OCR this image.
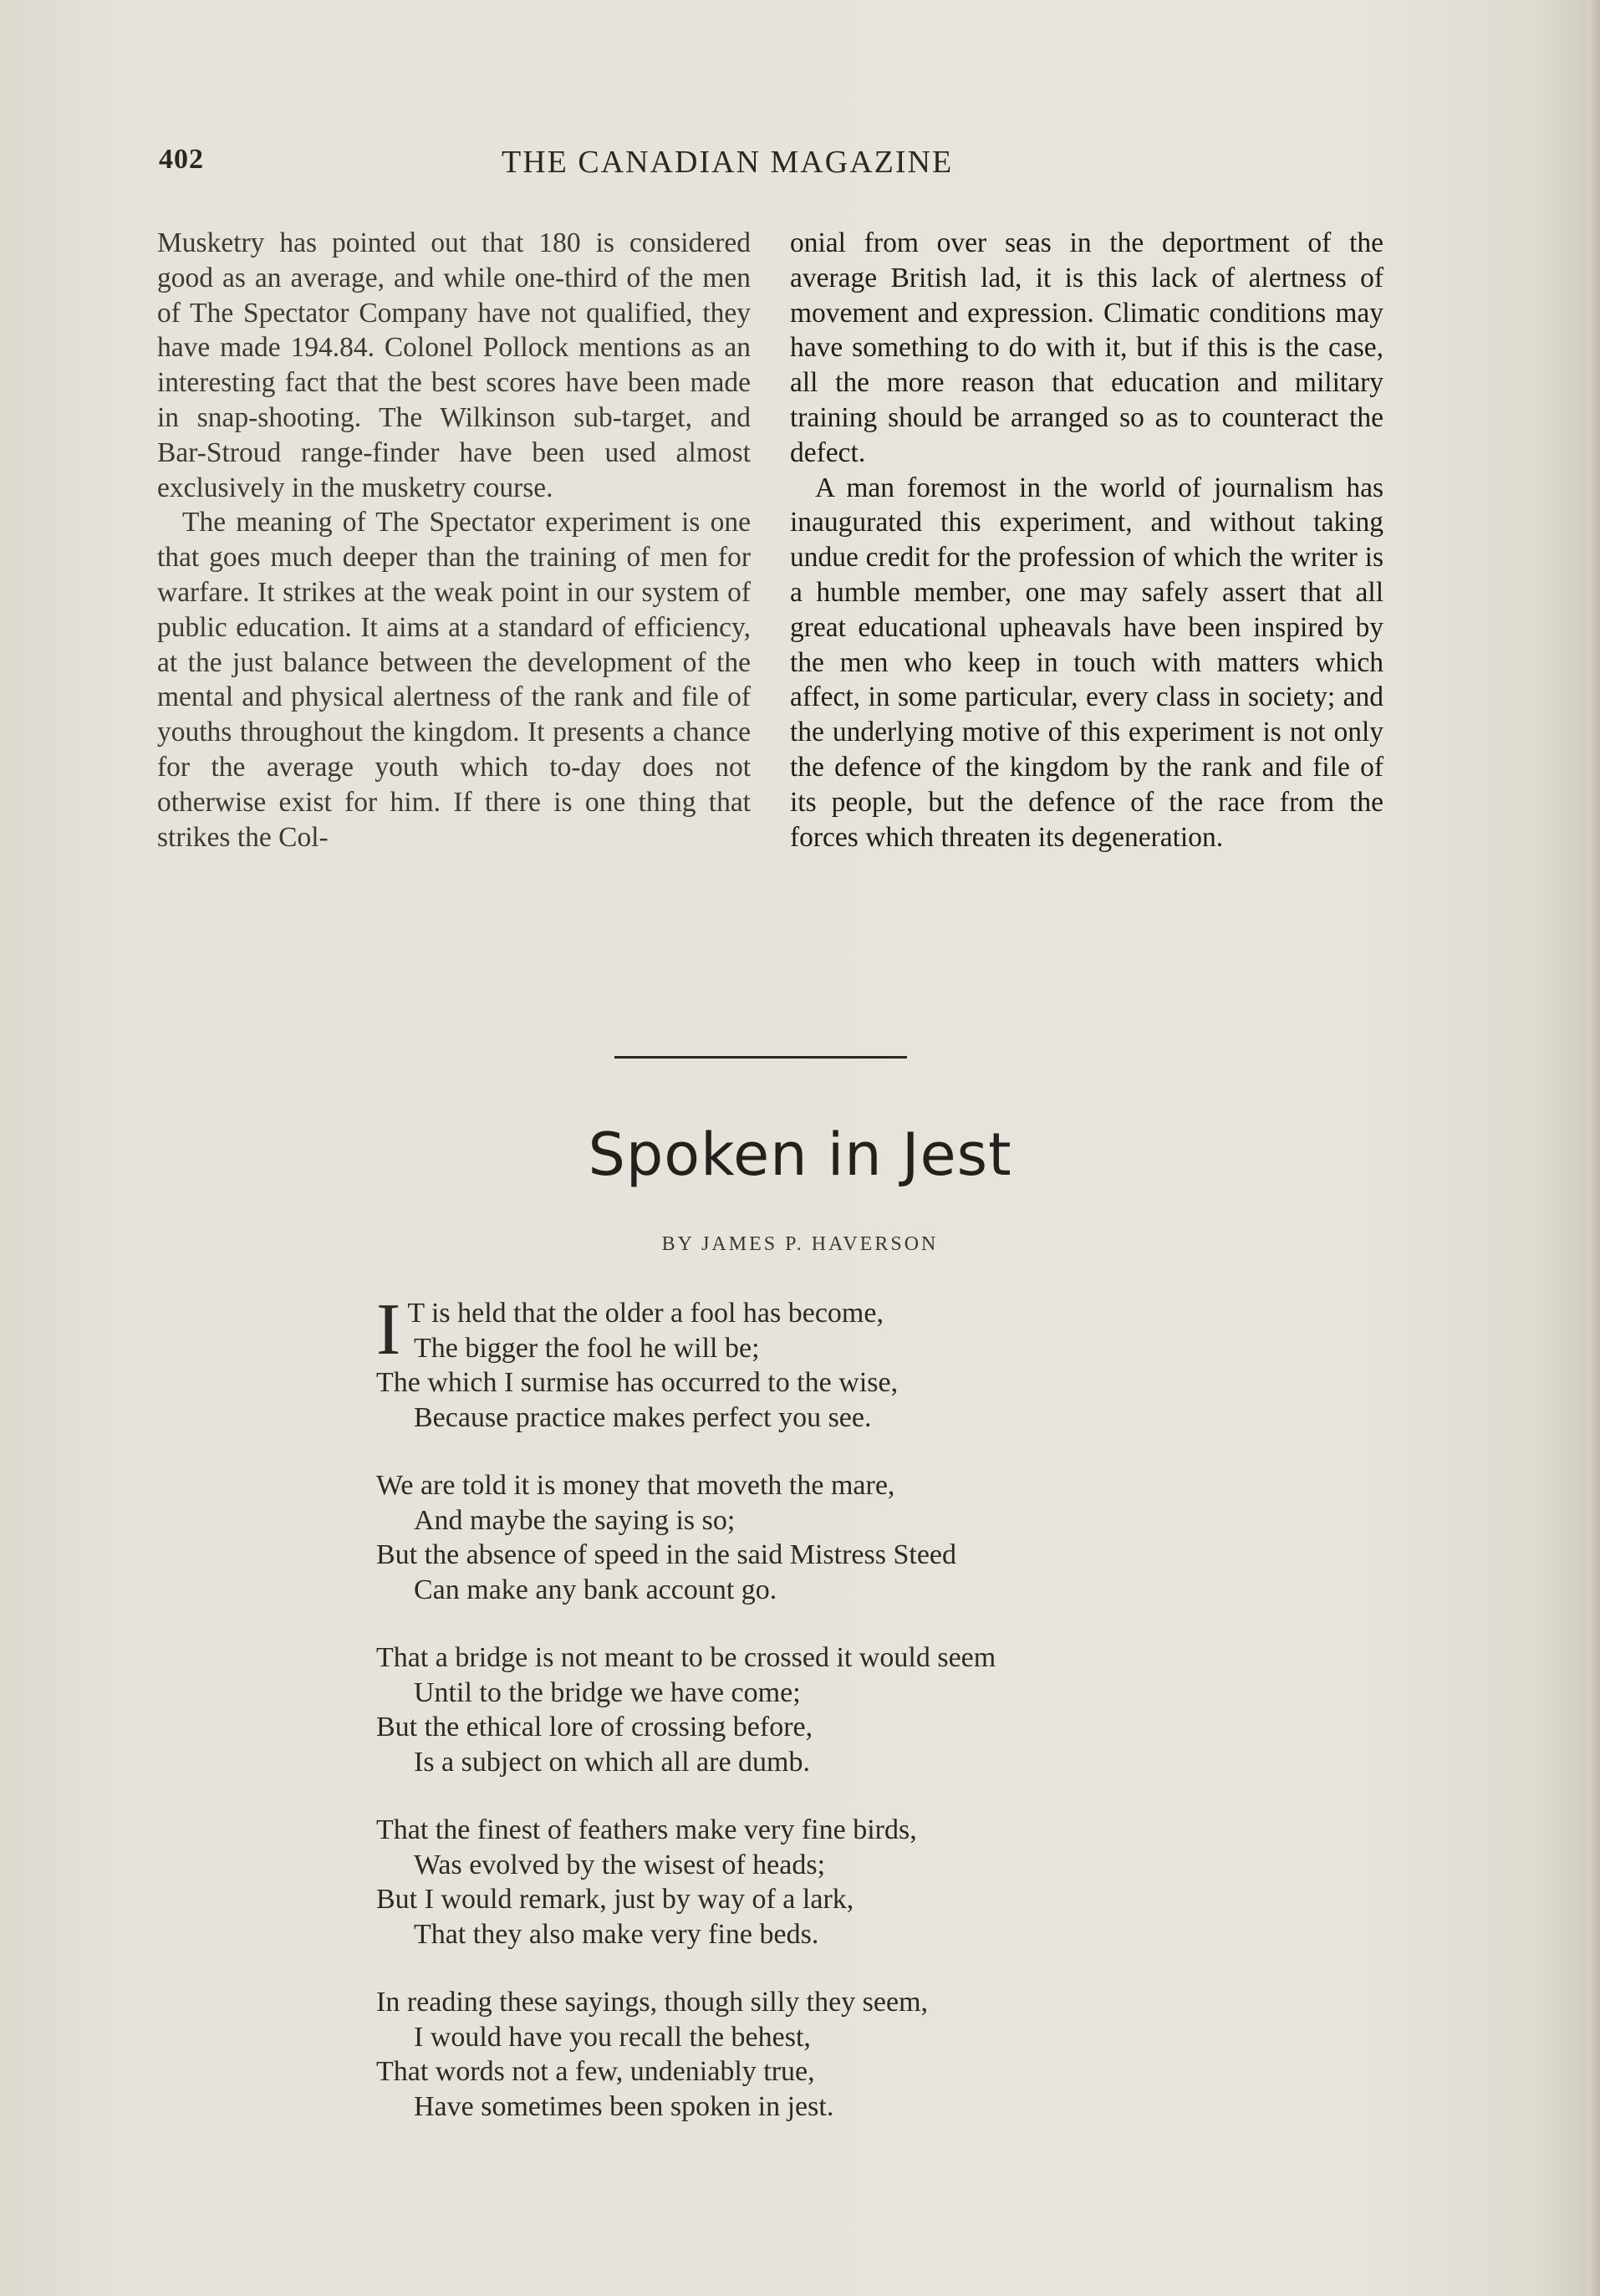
402	THE CANADIAN MAGAZINE

Musketry has pointed out that 180 is considered good as an average, and while one-third of the men of The Spectator Company have not qualified, they have made 194.84. Colonel Pollock mentions as an interesting fact that the best scores have been made in snap-shooting. The Wilkinson sub-target, and Bar-Stroud range-finder have been used almost exclusively in the musketry course.

The meaning of The Spectator experiment is one that goes much deeper than the training of men for warfare. It strikes at the weak point in our system of public education. It aims at a standard of efficiency, at the just balance between the development of the mental and physical alertness of the rank and file of youths throughout the kingdom. It presents a chance for the average youth which to-day does not otherwise exist for him. If there is one thing that strikes the Col-

onial from over seas in the deportment of the average British lad, it is this lack of alertness of movement and expression. Climatic conditions may have something to do with it, but if this is the case, all the more reason that education and military training should be arranged so as to counteract the defect.

A man foremost in the world of journalism has inaugurated this experiment, and without taking undue credit for the profession of which the writer is a humble member, one may safely assert that all great educational upheavals have been inspired by the men who keep in touch with matters which affect, in some particular, every class in society; and the underlying motive of this experiment is not only the defence of the kingdom by the rank and file of its people, but the defence of the race from the forces which threaten its degeneration.

Spoken in Jest
BY JAMES P. HAVERSON
I T is held that the older a fool has become,
The bigger the fool he will be;
The which I surmise has occurred to the wise,
Because practice makes perfect you see.
We are told it is money that moveth the mare,
And maybe the saying is so;
But the absence of speed in the said Mistress Steed
Can make any bank account go.
That a bridge is not meant to be crossed it would seem
Until to the bridge we have come;
But the ethical lore of crossing before,
Is a subject on which all are dumb.
That the finest of feathers make very fine birds,
Was evolved by the wisest of heads;
But I would remark, just by way of a lark,
That they also make very fine beds.
In reading these sayings, though silly they seem,
I would have you recall the behest,
That words not a few, undeniably true,
Have sometimes been spoken in jest.
